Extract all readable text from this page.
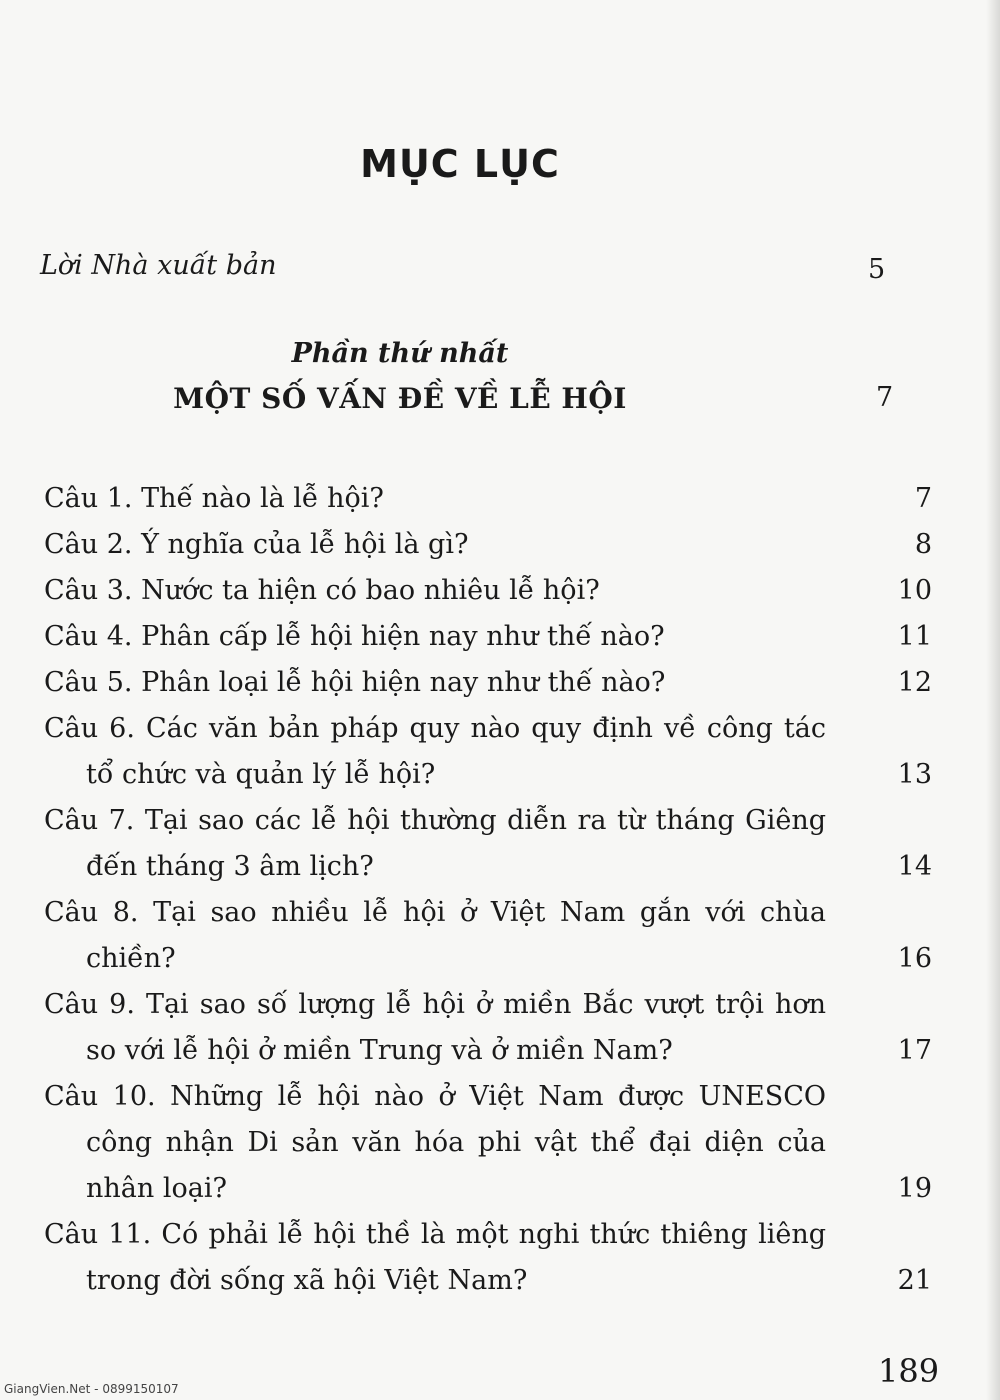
MỤC LỤC
Lời Nhà xuất bản	5
Phần thứ nhất
MỘT SỐ VẤN ĐỀ VỀ LỄ HỘI	7
Câu 1. Thế nào là lễ hội?	7
Câu 2. Ý nghĩa của lễ hội là gì?	8
Câu 3. Nước ta hiện có bao nhiêu lễ hội?	10
Câu 4. Phân cấp lễ hội hiện nay như thế nào?	11
Câu 5. Phân loại lễ hội hiện nay như thế nào?	12
Câu 6. Các văn bản pháp quy nào quy định về công tác tổ chức và quản lý lễ hội?	13
Câu 7. Tại sao các lễ hội thường diễn ra từ tháng Giêng đến tháng 3 âm lịch?	14
Câu 8. Tại sao nhiều lễ hội ở Việt Nam gắn với chùa chiền?	16
Câu 9. Tại sao số lượng lễ hội ở miền Bắc vượt trội hơn so với lễ hội ở miền Trung và ở miền Nam?	17
Câu 10. Những lễ hội nào ở Việt Nam được UNESCO công nhận Di sản văn hóa phi vật thể đại diện của nhân loại?	19
Câu 11. Có phải lễ hội thề là một nghi thức thiêng liêng trong đời sống xã hội Việt Nam?	21
189
GiangVien.Net - 0899150107
